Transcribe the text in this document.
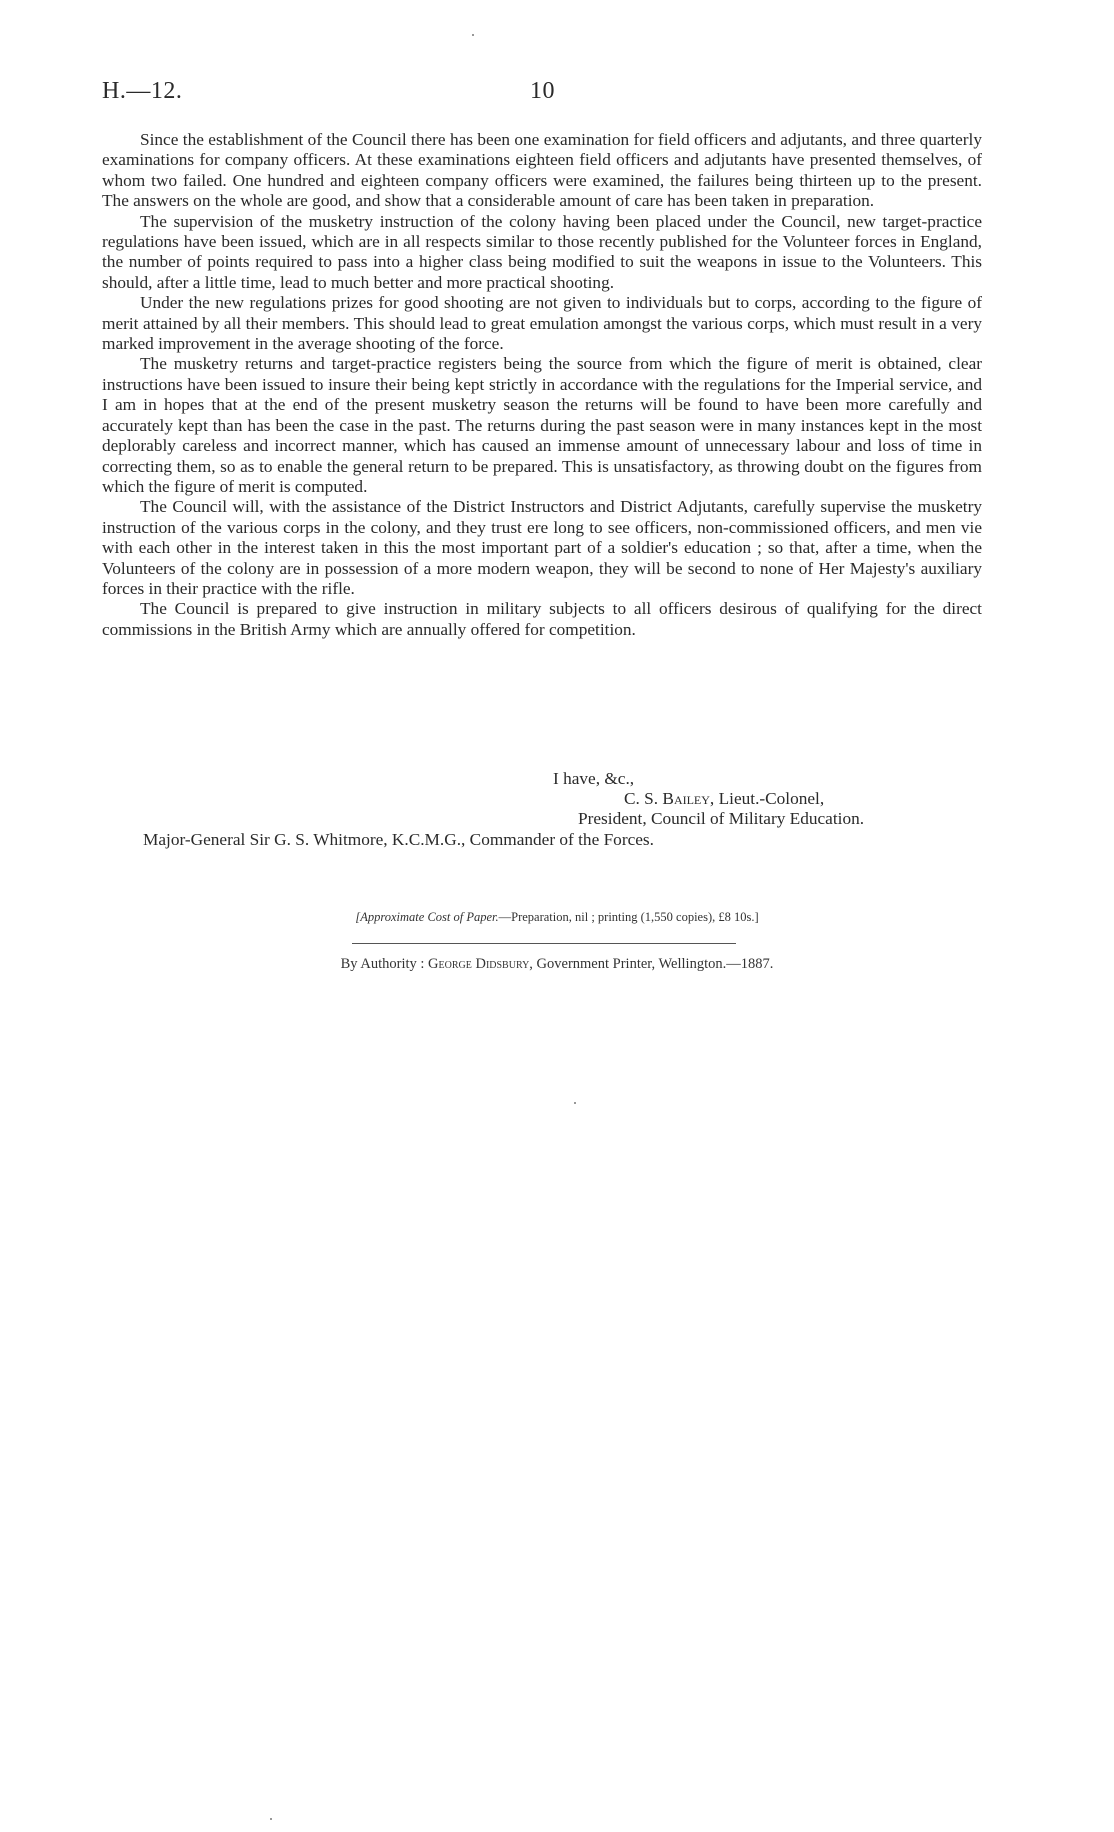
H.—12.	10

Since the establishment of the Council there has been one examination for field officers and adjutants, and three quarterly examinations for company officers. At these examinations eighteen field officers and adjutants have presented themselves, of whom two failed. One hundred and eighteen company officers were examined, the failures being thirteen up to the present. The answers on the whole are good, and show that a considerable amount of care has been taken in preparation.

The supervision of the musketry instruction of the colony having been placed under the Council, new target-practice regulations have been issued, which are in all respects similar to those recently published for the Volunteer forces in England, the number of points required to pass into a higher class being modified to suit the weapons in issue to the Volunteers. This should, after a little time, lead to much better and more practical shooting.

Under the new regulations prizes for good shooting are not given to individuals but to corps, according to the figure of merit attained by all their members. This should lead to great emulation amongst the various corps, which must result in a very marked improvement in the average shooting of the force.

The musketry returns and target-practice registers being the source from which the figure of merit is obtained, clear instructions have been issued to insure their being kept strictly in accordance with the regulations for the Imperial service, and I am in hopes that at the end of the present musketry season the returns will be found to have been more carefully and accurately kept than has been the case in the past. The returns during the past season were in many instances kept in the most deplorably careless and incorrect manner, which has caused an immense amount of unnecessary labour and loss of time in correcting them, so as to enable the general return to be prepared. This is unsatisfactory, as throwing doubt on the figures from which the figure of merit is computed.

The Council will, with the assistance of the District Instructors and District Adjutants, carefully supervise the musketry instruction of the various corps in the colony, and they trust ere long to see officers, non-commissioned officers, and men vie with each other in the interest taken in this the most important part of a soldier's education ; so that, after a time, when the Volunteers of the colony are in possession of a more modern weapon, they will be second to none of Her Majesty's auxiliary forces in their practice with the rifle.

The Council is prepared to give instruction in military subjects to all officers desirous of qualifying for the direct commissions in the British Army which are annually offered for competition.

I have, &c.,
C. S. Bailey, Lieut.-Colonel,
President, Council of Military Education.
Major-General Sir G. S. Whitmore, K.C.M.G., Commander of the Forces.
[Approximate Cost of Paper.—Preparation, nil ; printing (1,550 copies), £8 10s.]
By Authority : George Didsbury, Government Printer, Wellington.—1887.
